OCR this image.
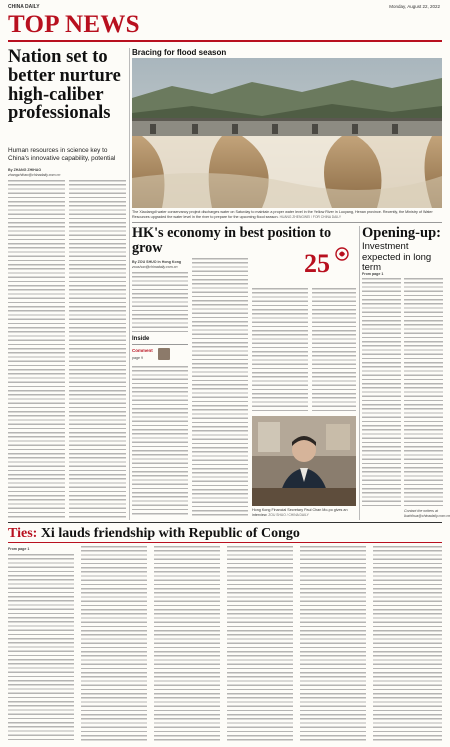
CHINA DAILY	Monday, August 22, 2022
TOP NEWS
Nation set to better nurture high-caliber professionals
Human resources in science key to China's innovative capability, potential
By ZHANG ZHIHAO
zhangzhihao@chinadaily.com.cn
Bracing for flood season
The Xiaolangdi water conservancy project discharges water on Saturday to maintain a proper water level in the Yellow River in Luoyang, Henan province. Recently, the Ministry of Water Resources upgraded the water level in the river to prepare for the upcoming flood season. HUANG ZHENGWEI / FOR CHINA DAILY
HK's economy in best position to grow
25
By ZOU SHUO in Hong Kong
zoushuo@chinadaily.com.cn
Inside
Comment
page 9
Hong Kong Financial Secretary Paul Chan Mo-po gives an interview. ZOU SHUO / CHINA DAILY
Opening-up:
Investment expected in long term
From page 1
Contact the writers at
liuzhihua@chinadaily.com.cn
Ties: Xi lauds friendship with Republic of Congo
From page 1
